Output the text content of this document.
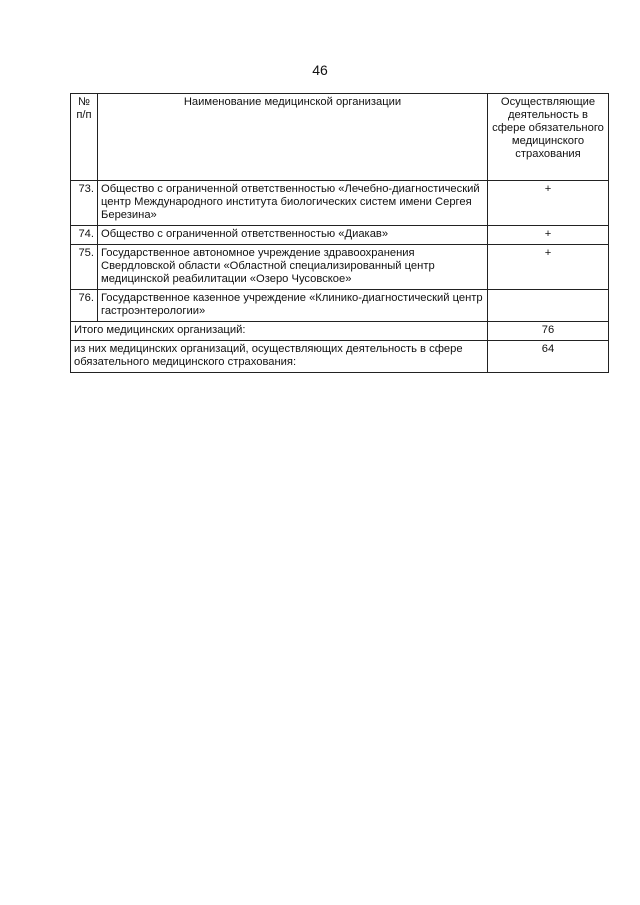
46
№ п/п	Наименование медицинской организации	Осуществляющие деятельность в сфере обязательного медицинского страхования
73.	Общество с ограниченной ответственностью «Лечебно-диагностический центр Международного института биологических систем имени Сергея Березина»	+
74.	Общество с ограниченной ответственностью «Диакав»	+
75.	Государственное автономное учреждение здравоохранения Свердловской области «Областной специализированный центр медицинской реабилитации «Озеро Чусовское»	+
76.	Государственное казенное учреждение «Клинико-диагностический центр гастроэнтерологии»	
Итого медицинских организаций:		76
из них медицинских организаций, осуществляющих деятельность в сфере обязательного медицинского страхования:		64
